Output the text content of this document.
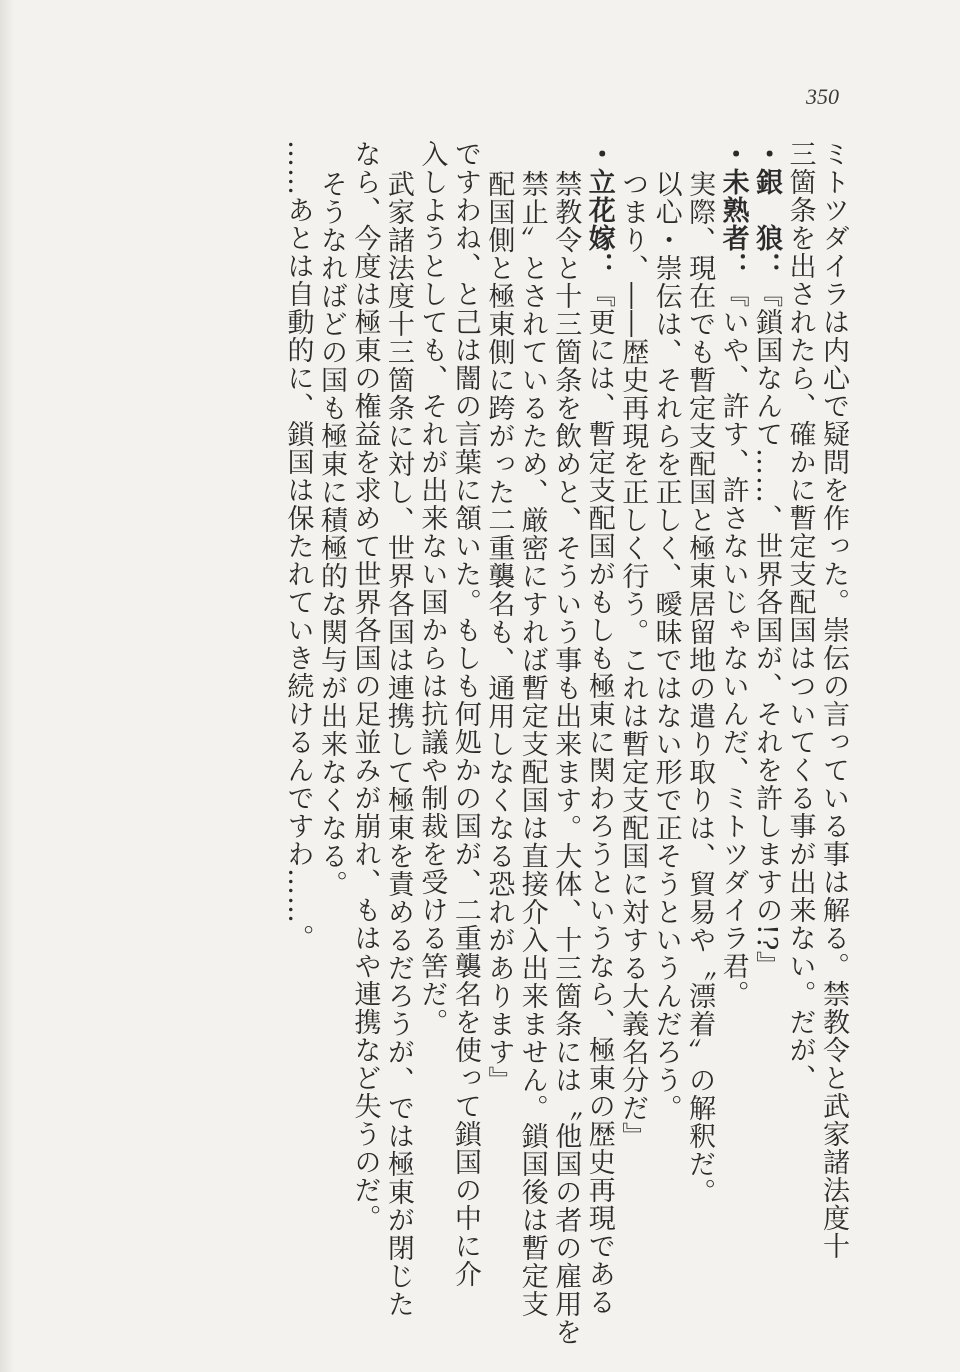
350
ミトツダイラは内心で疑問を作った。崇伝の言っている事は解る。禁教令と武家諸法度十
三箇条を出されたら、確かに暫定支配国はついてくる事が出来ない。だが、
・銀　狼：『鎖国なんて……、世界各国が、それを許しますの!?』
・未熟者：『いや、許す、許さないじゃないんだ、ミトツダイラ君。
実際、現在でも暫定支配国と極東居留地の遣り取りは、貿易や〝漂着〟の解釈だ。
以心・崇伝は、それらを正しく、曖昧ではない形で正そうというんだろう。
つまり、――歴史再現を正しく行う。これは暫定支配国に対する大義名分だ』
・立花嫁：『更には、暫定支配国がもしも極東に関わろうというなら、極東の歴史再現である
禁教令と十三箇条を飲めと、そういう事も出来ます。大体、十三箇条には〝他国の者の雇用を
禁止〟とされているため、厳密にすれば暫定支配国は直接介入出来ません。鎖国後は暫定支
配国側と極東側に跨がった二重襲名も、通用しなくなる恐れがあります』
ですわね、と己は闇の言葉に頷いた。もしも何処かの国が、二重襲名を使って鎖国の中に介
入しようとしても、それが出来ない国からは抗議や制裁を受ける筈だ。
武家諸法度十三箇条に対し、世界各国は連携して極東を責めるだろうが、では極東が閉じた
なら、今度は極東の権益を求めて世界各国の足並みが崩れ、もはや連携など失うのだ。
そうなればどの国も極東に積極的な関与が出来なくなる。
……あとは自動的に、鎖国は保たれていき続けるんですわ……。
